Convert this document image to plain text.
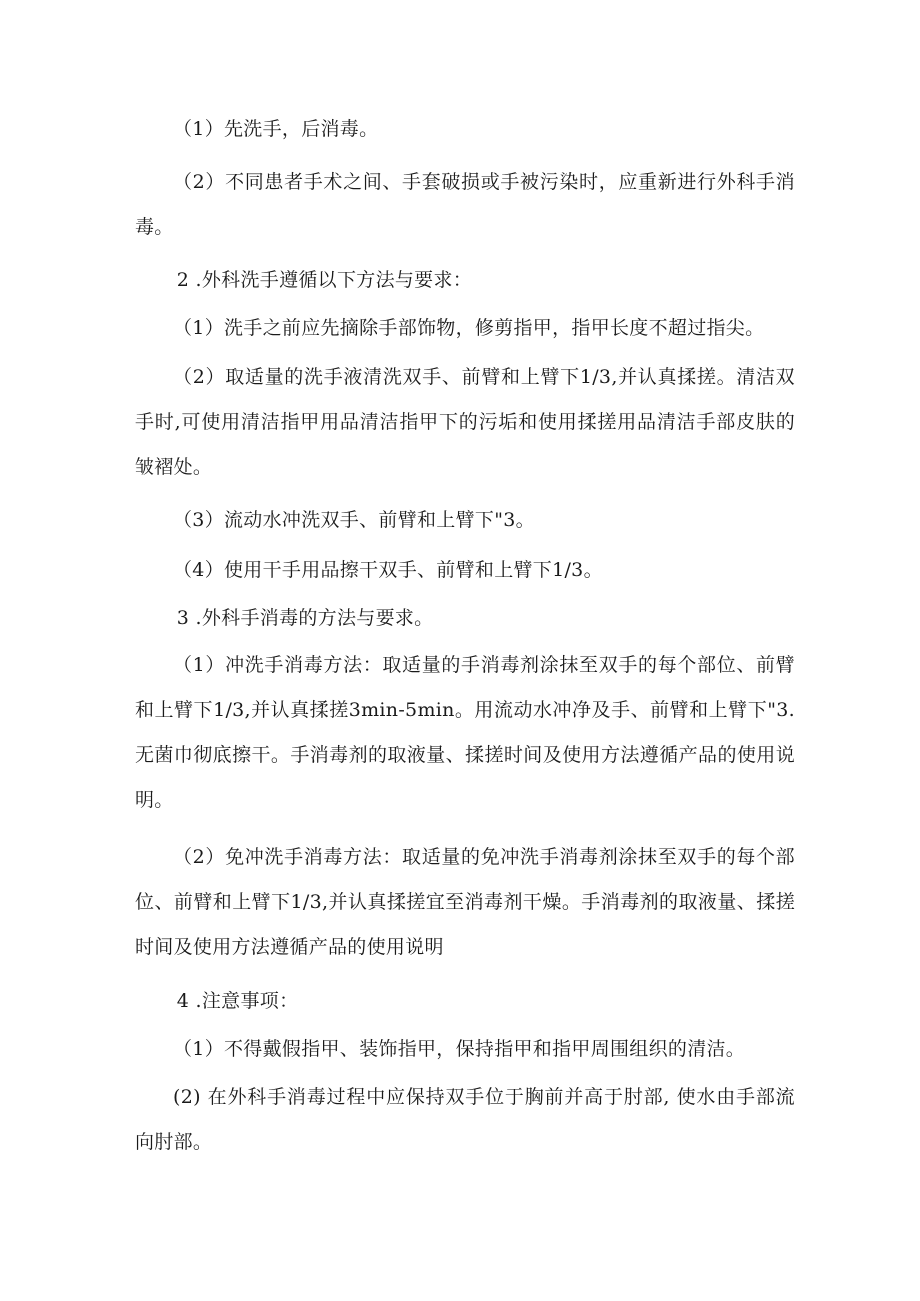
（1）先洗手，后消毒。

（2）不同患者手术之间、手套破损或手被污染时，应重新进行外科手消毒。

2 .外科洗手遵循以下方法与要求：

（1）洗手之前应先摘除手部饰物，修剪指甲，指甲长度不超过指尖。

（2）取适量的洗手液清洗双手、前臂和上臂下1/3,并认真揉搓。清洁双手时,可使用清洁指甲用品清洁指甲下的污垢和使用揉搓用品清洁手部皮肤的皱褶处。

（3）流动水冲洗双手、前臂和上臂下"3。

（4）使用干手用品擦干双手、前臂和上臂下1/3。

3 .外科手消毒的方法与要求。

（1）冲洗手消毒方法：取适量的手消毒剂涂抹至双手的每个部位、前臂和上臂下1/3,并认真揉搓3min-5min。用流动水冲净及手、前臂和上臂下"3. 无菌巾彻底擦干。手消毒剂的取液量、揉搓时间及使用方法遵循产品的使用说明。

（2）免冲洗手消毒方法：取适量的免冲洗手消毒剂涂抹至双手的每个部位、前臂和上臂下1/3,并认真揉搓宜至消毒剂干燥。手消毒剂的取液量、揉搓时间及使用方法遵循产品的使用说明

4 .注意事项：

（1）不得戴假指甲、装饰指甲，保持指甲和指甲周围组织的清洁。

(2) 在外科手消毒过程中应保持双手位于胸前并高于肘部, 使水由手部流向肘部。
